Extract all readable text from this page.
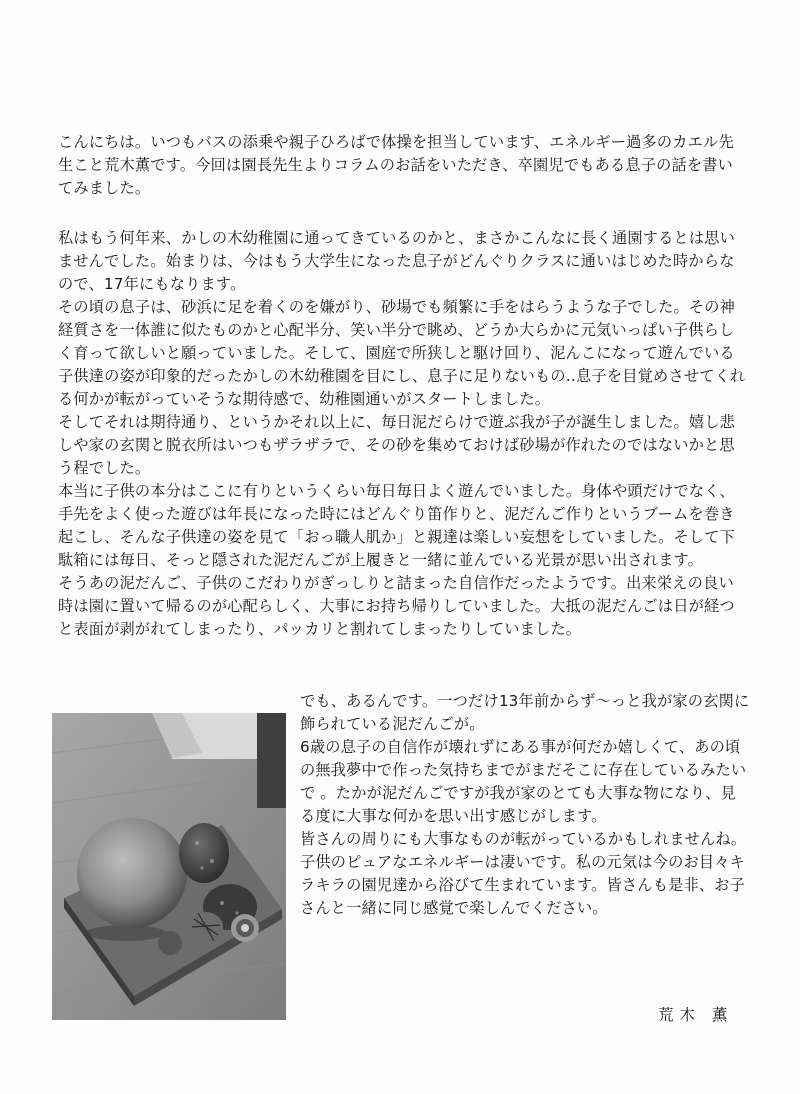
こんにちは。いつもバスの添乗や親子ひろばで体操を担当しています、エネルギー過多のカエル先生こと荒木薫です。今回は園長先生よりコラムのお話をいただき、卒園児でもある息子の話を書いてみました。

私はもう何年来、かしの木幼稚園に通ってきているのかと、まさかこんなに長く通園するとは思いませんでした。始まりは、今はもう大学生になった息子がどんぐりクラスに通いはじめた時からなので、17年にもなります。
その頃の息子は、砂浜に足を着くのを嫌がり、砂場でも頻繁に手をはらうような子でした。その神経質さを一体誰に似たものかと心配半分、笑い半分で眺め、どうか大らかに元気いっぱい子供らしく育って欲しいと願っていました。そして、園庭で所狭しと駆け回り、泥んこになって遊んでいる子供達の姿が印象的だったかしの木幼稚園を目にし、息子に足りないもの‥息子を目覚めさせてくれる何かが転がっていそうな期待感で、幼稚園通いがスタートしました。
そしてそれは期待通り、というかそれ以上に、毎日泥だらけで遊ぶ我が子が誕生しました。嬉し悲しや家の玄関と脱衣所はいつもザラザラで、その砂を集めておけば砂場が作れたのではないかと思う程でした。
本当に子供の本分はここに有りというくらい毎日毎日よく遊んでいました。身体や頭だけでなく、手先をよく使った遊びは年長になった時にはどんぐり笛作りと、泥だんご作りというブームを巻き起こし、そんな子供達の姿を見て「おっ職人肌か」と親達は楽しい妄想をしていました。そして下駄箱には毎日、そっと隠された泥だんごが上履きと一緒に並んでいる光景が思い出されます。
そうあの泥だんご、子供のこだわりがぎっしりと詰まった自信作だったようです。出来栄えの良い時は園に置いて帰るのが心配らしく、大事にお持ち帰りしていました。大抵の泥だんごは日が経つと表面が剥がれてしまったり、パッカリと割れてしまったりしていました。

でも、あるんです。一つだけ13年前からず～っと我が家の玄関に飾られている泥だんごが。
6歳の息子の自信作が壊れずにある事が何だか嬉しくて、あの頃の無我夢中で作った気持ちまでがまだそこに存在しているみたいで 。たかが泥だんごですが我が家のとても大事な物になり、見る度に大事な何かを思い出す感じがします。
皆さんの周りにも大事なものが転がっているかもしれませんね。子供のピュアなエネルギーは凄いです。私の元気は今のお目々キラキラの園児達から浴びて生まれています。皆さんも是非、お子さんと一緒に同じ感覚で楽しんでください。

荒木 薫
